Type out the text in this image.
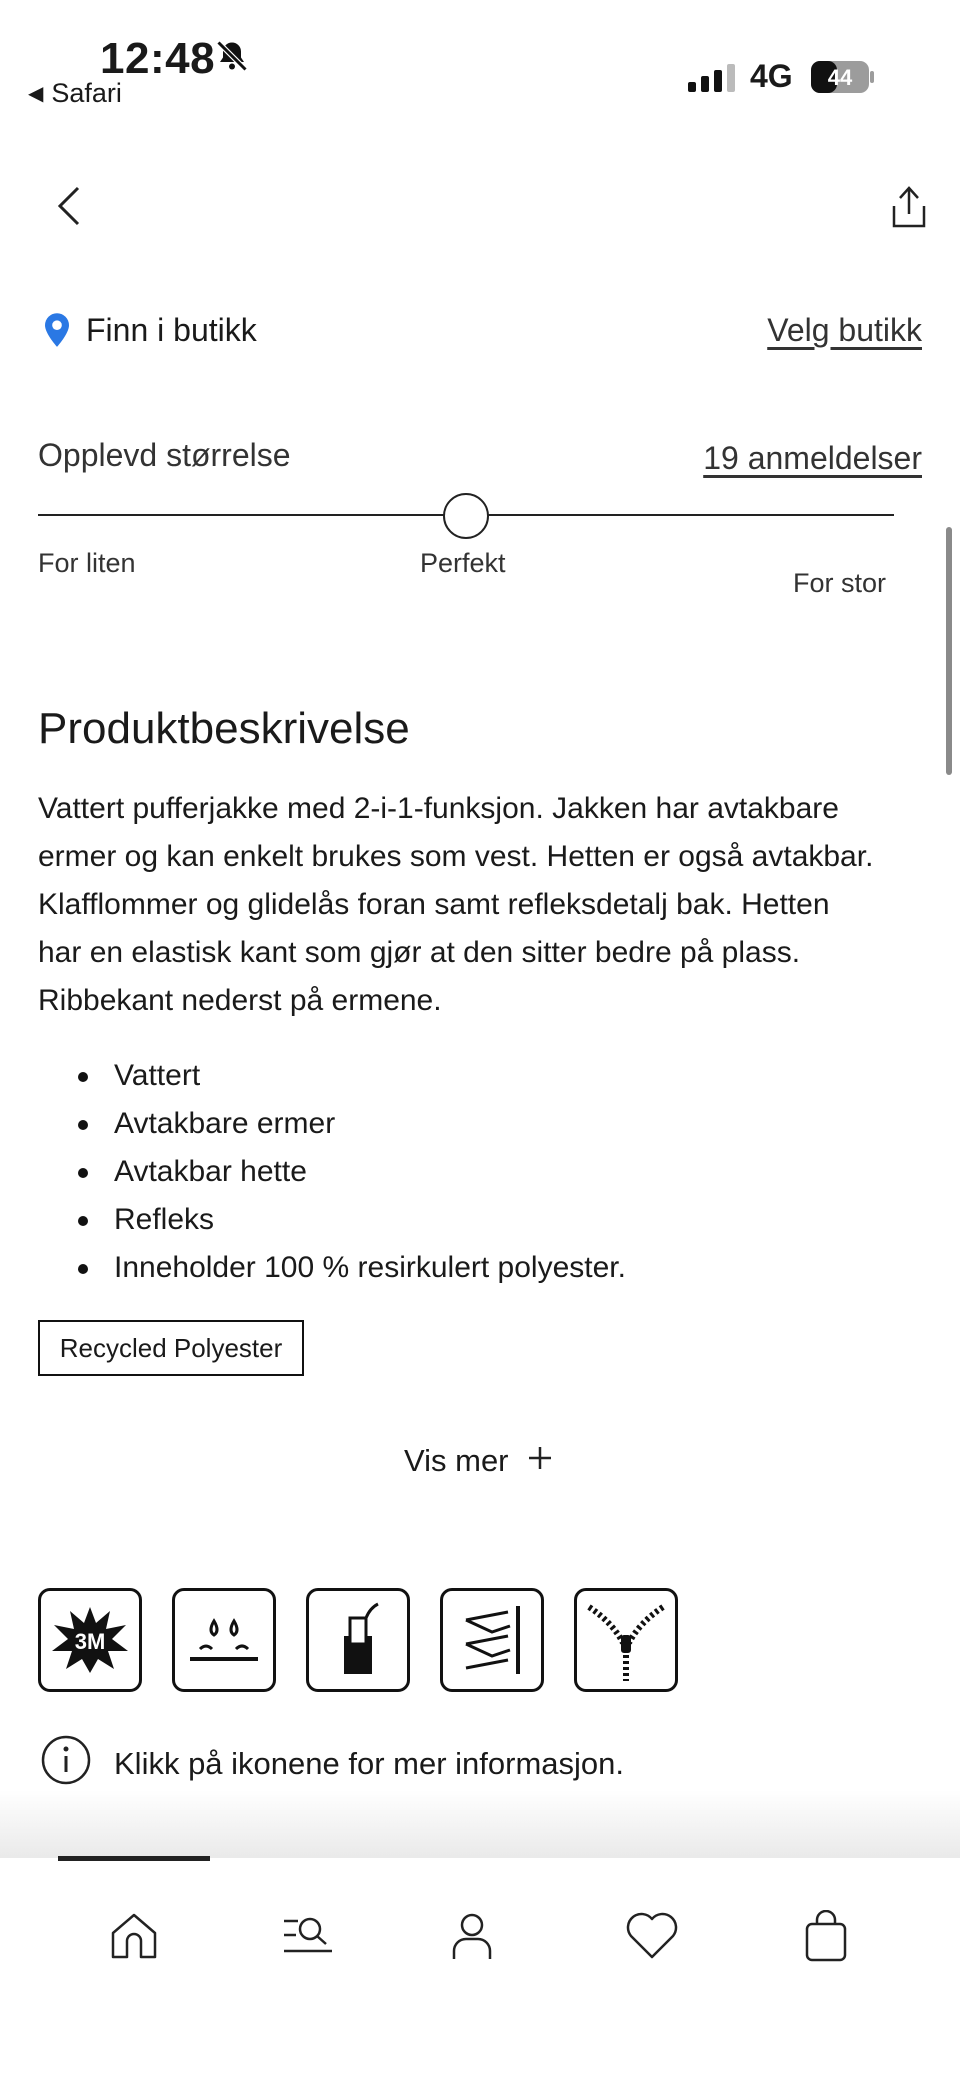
12:48
◀ Safari	4G 44
Finn i butikk	Velg butikk
Opplevd størrelse	19 anmeldelser
For liten	Perfekt
For stor
Produktbeskrivelse
Vattert pufferjakke med 2-i-1-funksjon. Jakken har avtakbare
ermer og kan enkelt brukes som vest. Hetten er også avtakbar.
Klafflommer og glidelås foran samt refleksdetalj bak. Hetten
har en elastisk kant som gjør at den sitter bedre på plass.
Ribbekant nederst på ermene.
Vattert
Avtakbare ermer
Avtakbar hette
Refleks
Inneholder 100 % resirkulert polyester.
Recycled Polyester
Vis mer
3M
Klikk på ikonene for mer informasjon.
